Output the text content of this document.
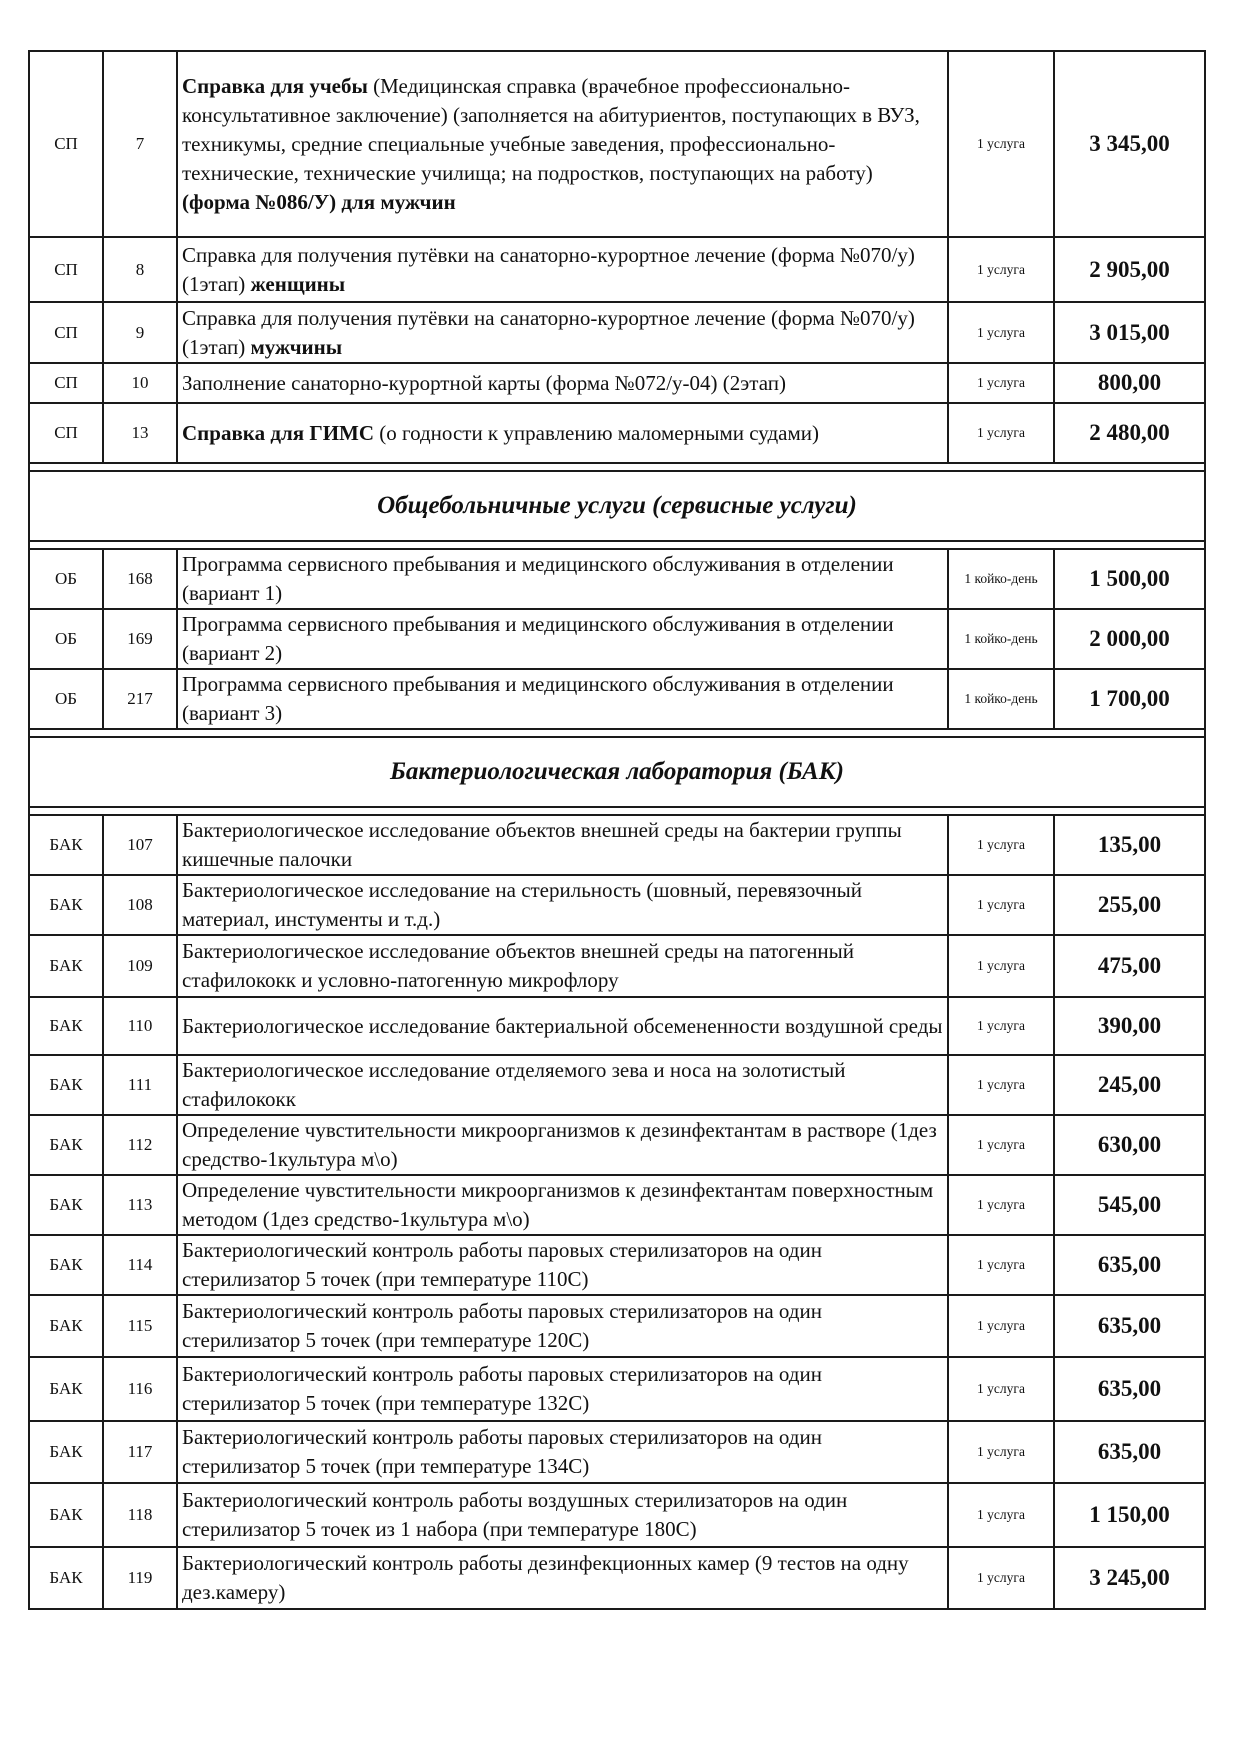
СП	7	Справка для учебы (Медицинская справка (врачебное профессионально-консультативное заключение) (заполняется на абитуриентов, поступающих в ВУЗ, техникумы, средние специальные учебные заведения, профессионально-технические, технические училища; на подростков, поступающих на работу) (форма №086/У) для мужчин	1 услуга	3 345,00
СП	8	Справка для получения путёвки на санаторно-курортное лечение (форма №070/у) (1этап) женщины	1 услуга	2 905,00
СП	9	Справка для получения путёвки на санаторно-курортное лечение (форма №070/у) (1этап) мужчины	1 услуга	3 015,00
СП	10	Заполнение санаторно-курортной карты (форма №072/у-04) (2этап)	1 услуга	800,00
СП	13	Справка для ГИМС (о годности к управлению маломерными судами)	1 услуга	2 480,00

Общебольничные услуги (сервисные услуги)				

ОБ	168	Программа сервисного пребывания и медицинского обслуживания в отделении (вариант 1)	1 койко-день	1 500,00
ОБ	169	Программа сервисного пребывания и медицинского обслуживания в отделении (вариант 2)	1 койко-день	2 000,00
ОБ	217	Программа сервисного пребывания и медицинского обслуживания в отделении (вариант 3)	1 койко-день	1 700,00

Бактериологическая лаборатория (БАК)				

БАК	107	Бактериологическое исследование объектов внешней среды на бактерии группы кишечные палочки	1 услуга	135,00
БАК	108	Бактериологическое исследование на стерильность (шовный, перевязочный материал, инстументы и т.д.)	1 услуга	255,00
БАК	109	Бактериологическое исследование объектов внешней среды на патогенный стафилококк и условно-патогенную микрофлору	1 услуга	475,00
БАК	110	Бактериологическое исследование бактериальной обсемененности воздушной среды	1 услуга	390,00
БАК	111	Бактериологическое исследование отделяемого зева и носа на золотистый стафилококк	1 услуга	245,00
БАК	112	Определение чувстительности микроорганизмов к дезинфектантам в растворе (1дез средство-1культура м\о)	1 услуга	630,00
БАК	113	Определение чувстительности микроорганизмов к дезинфектантам поверхностным методом (1дез средство-1культура м\о)	1 услуга	545,00
БАК	114	Бактериологический контроль работы паровых стерилизаторов на один стерилизатор 5 точек (при температуре 110С)	1 услуга	635,00
БАК	115	Бактериологический контроль работы паровых стерилизаторов на один стерилизатор 5 точек (при температуре 120С)	1 услуга	635,00
БАК	116	Бактериологический контроль работы паровых стерилизаторов на один стерилизатор 5 точек (при температуре 132С)	1 услуга	635,00
БАК	117	Бактериологический контроль работы паровых стерилизаторов на один стерилизатор 5 точек (при температуре 134С)	1 услуга	635,00
БАК	118	Бактериологический контроль работы воздушных стерилизаторов на один стерилизатор 5 точек из 1 набора (при температуре 180С)	1 услуга	1 150,00
БАК	119	Бактериологический контроль работы дезинфекционных камер (9 тестов на одну дез.камеру)	1 услуга	3 245,00
